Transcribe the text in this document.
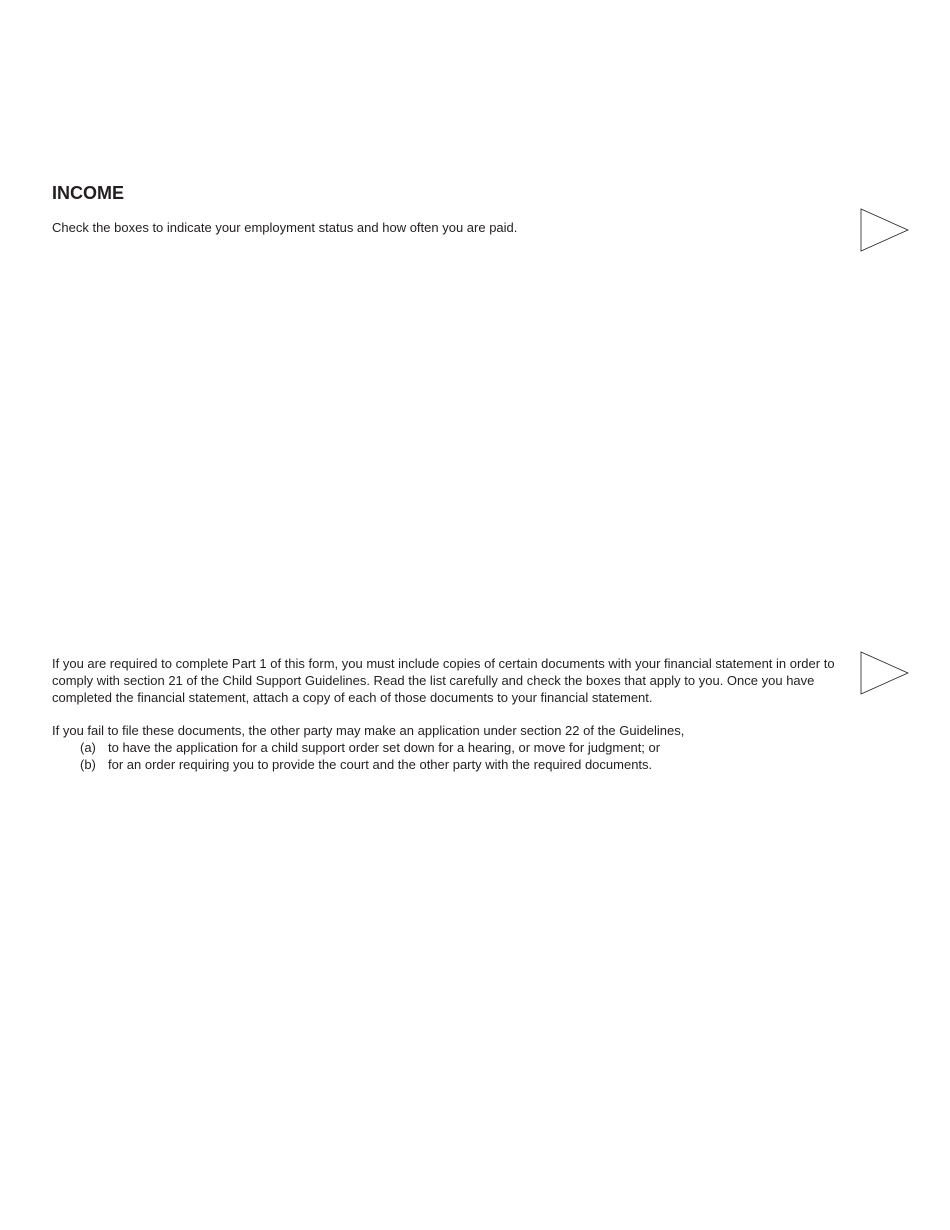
INCOME

Check the boxes to indicate your employment status and how often you are paid.

If you are required to complete Part 1 of this form, you must include copies of certain documents with your financial statement in order to comply with section 21 of the Child Support Guidelines. Read the list carefully and check the boxes that apply to you. Once you have completed the financial statement, attach a copy of each of those documents to your financial statement.

If you fail to file these documents, the other party may make an application under section 22 of the Guidelines,

(a) to have the application for a child support order set down for a hearing, or move for judgment; or

(b) for an order requiring you to provide the court and the other party with the required documents.
